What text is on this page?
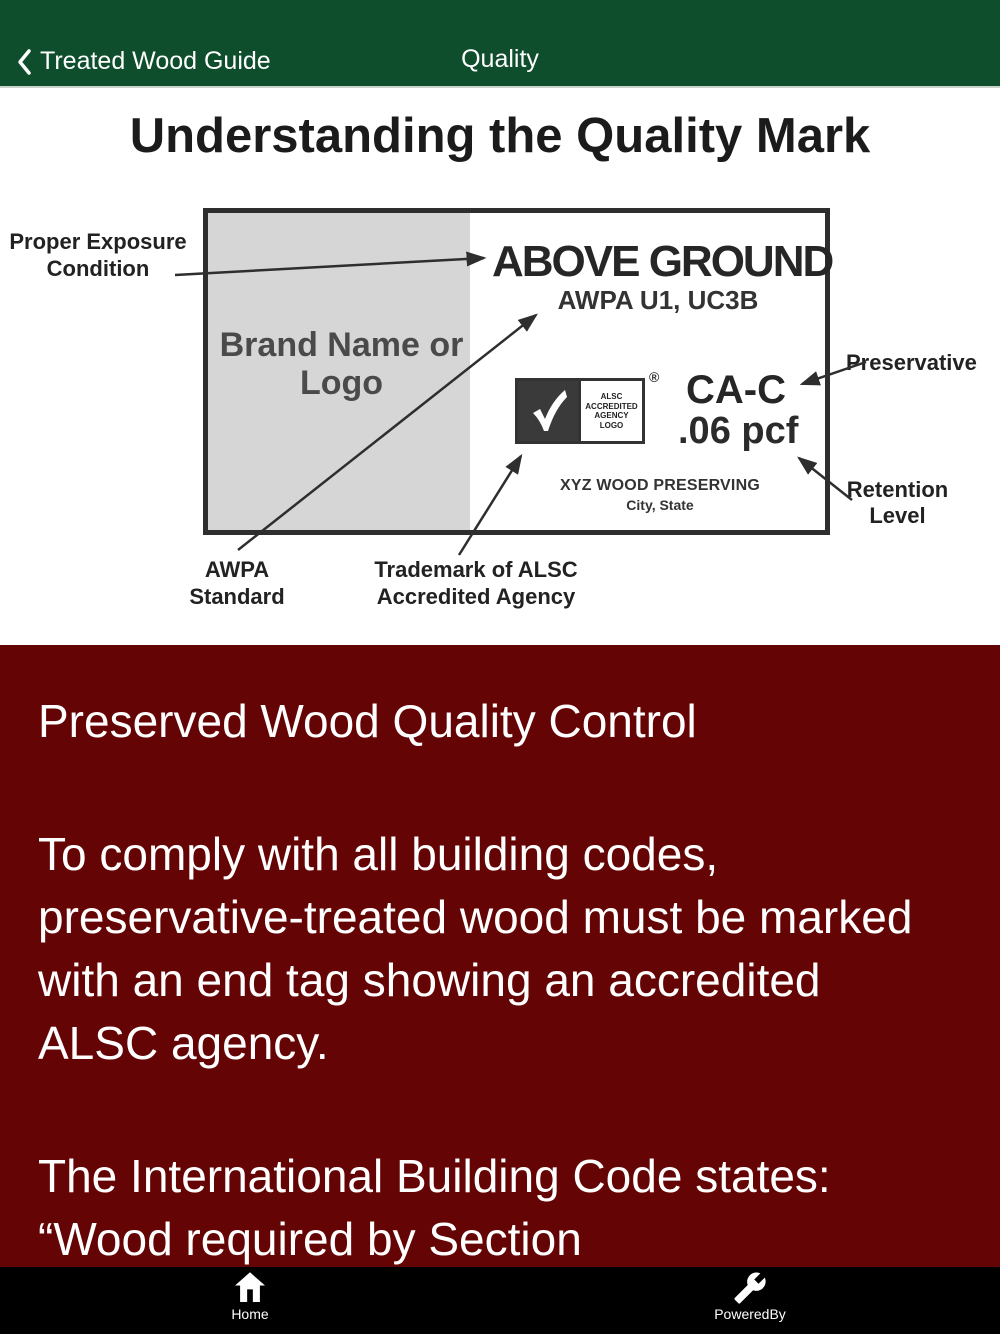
Treated Wood Guide	Quality
Understanding the Quality Mark
ABOVE GROUND
AWPA U1, UC3B
Brand Name or Logo	ALSC
ACCREDITED
AGENCY
LOGO
® CA-C
.06 pcf
XYZ WOOD PRESERVING
City, State
Proper Exposure Condition
Preservative
Retention Level
AWPA Standard
Trademark of ALSC Accredited Agency
Preserved Wood Quality Control

To comply with all building codes, preservative-treated wood must be marked with an end tag showing an accredited ALSC agency.

The International Building Code states: “Wood required by Section

Home	PoweredBy
